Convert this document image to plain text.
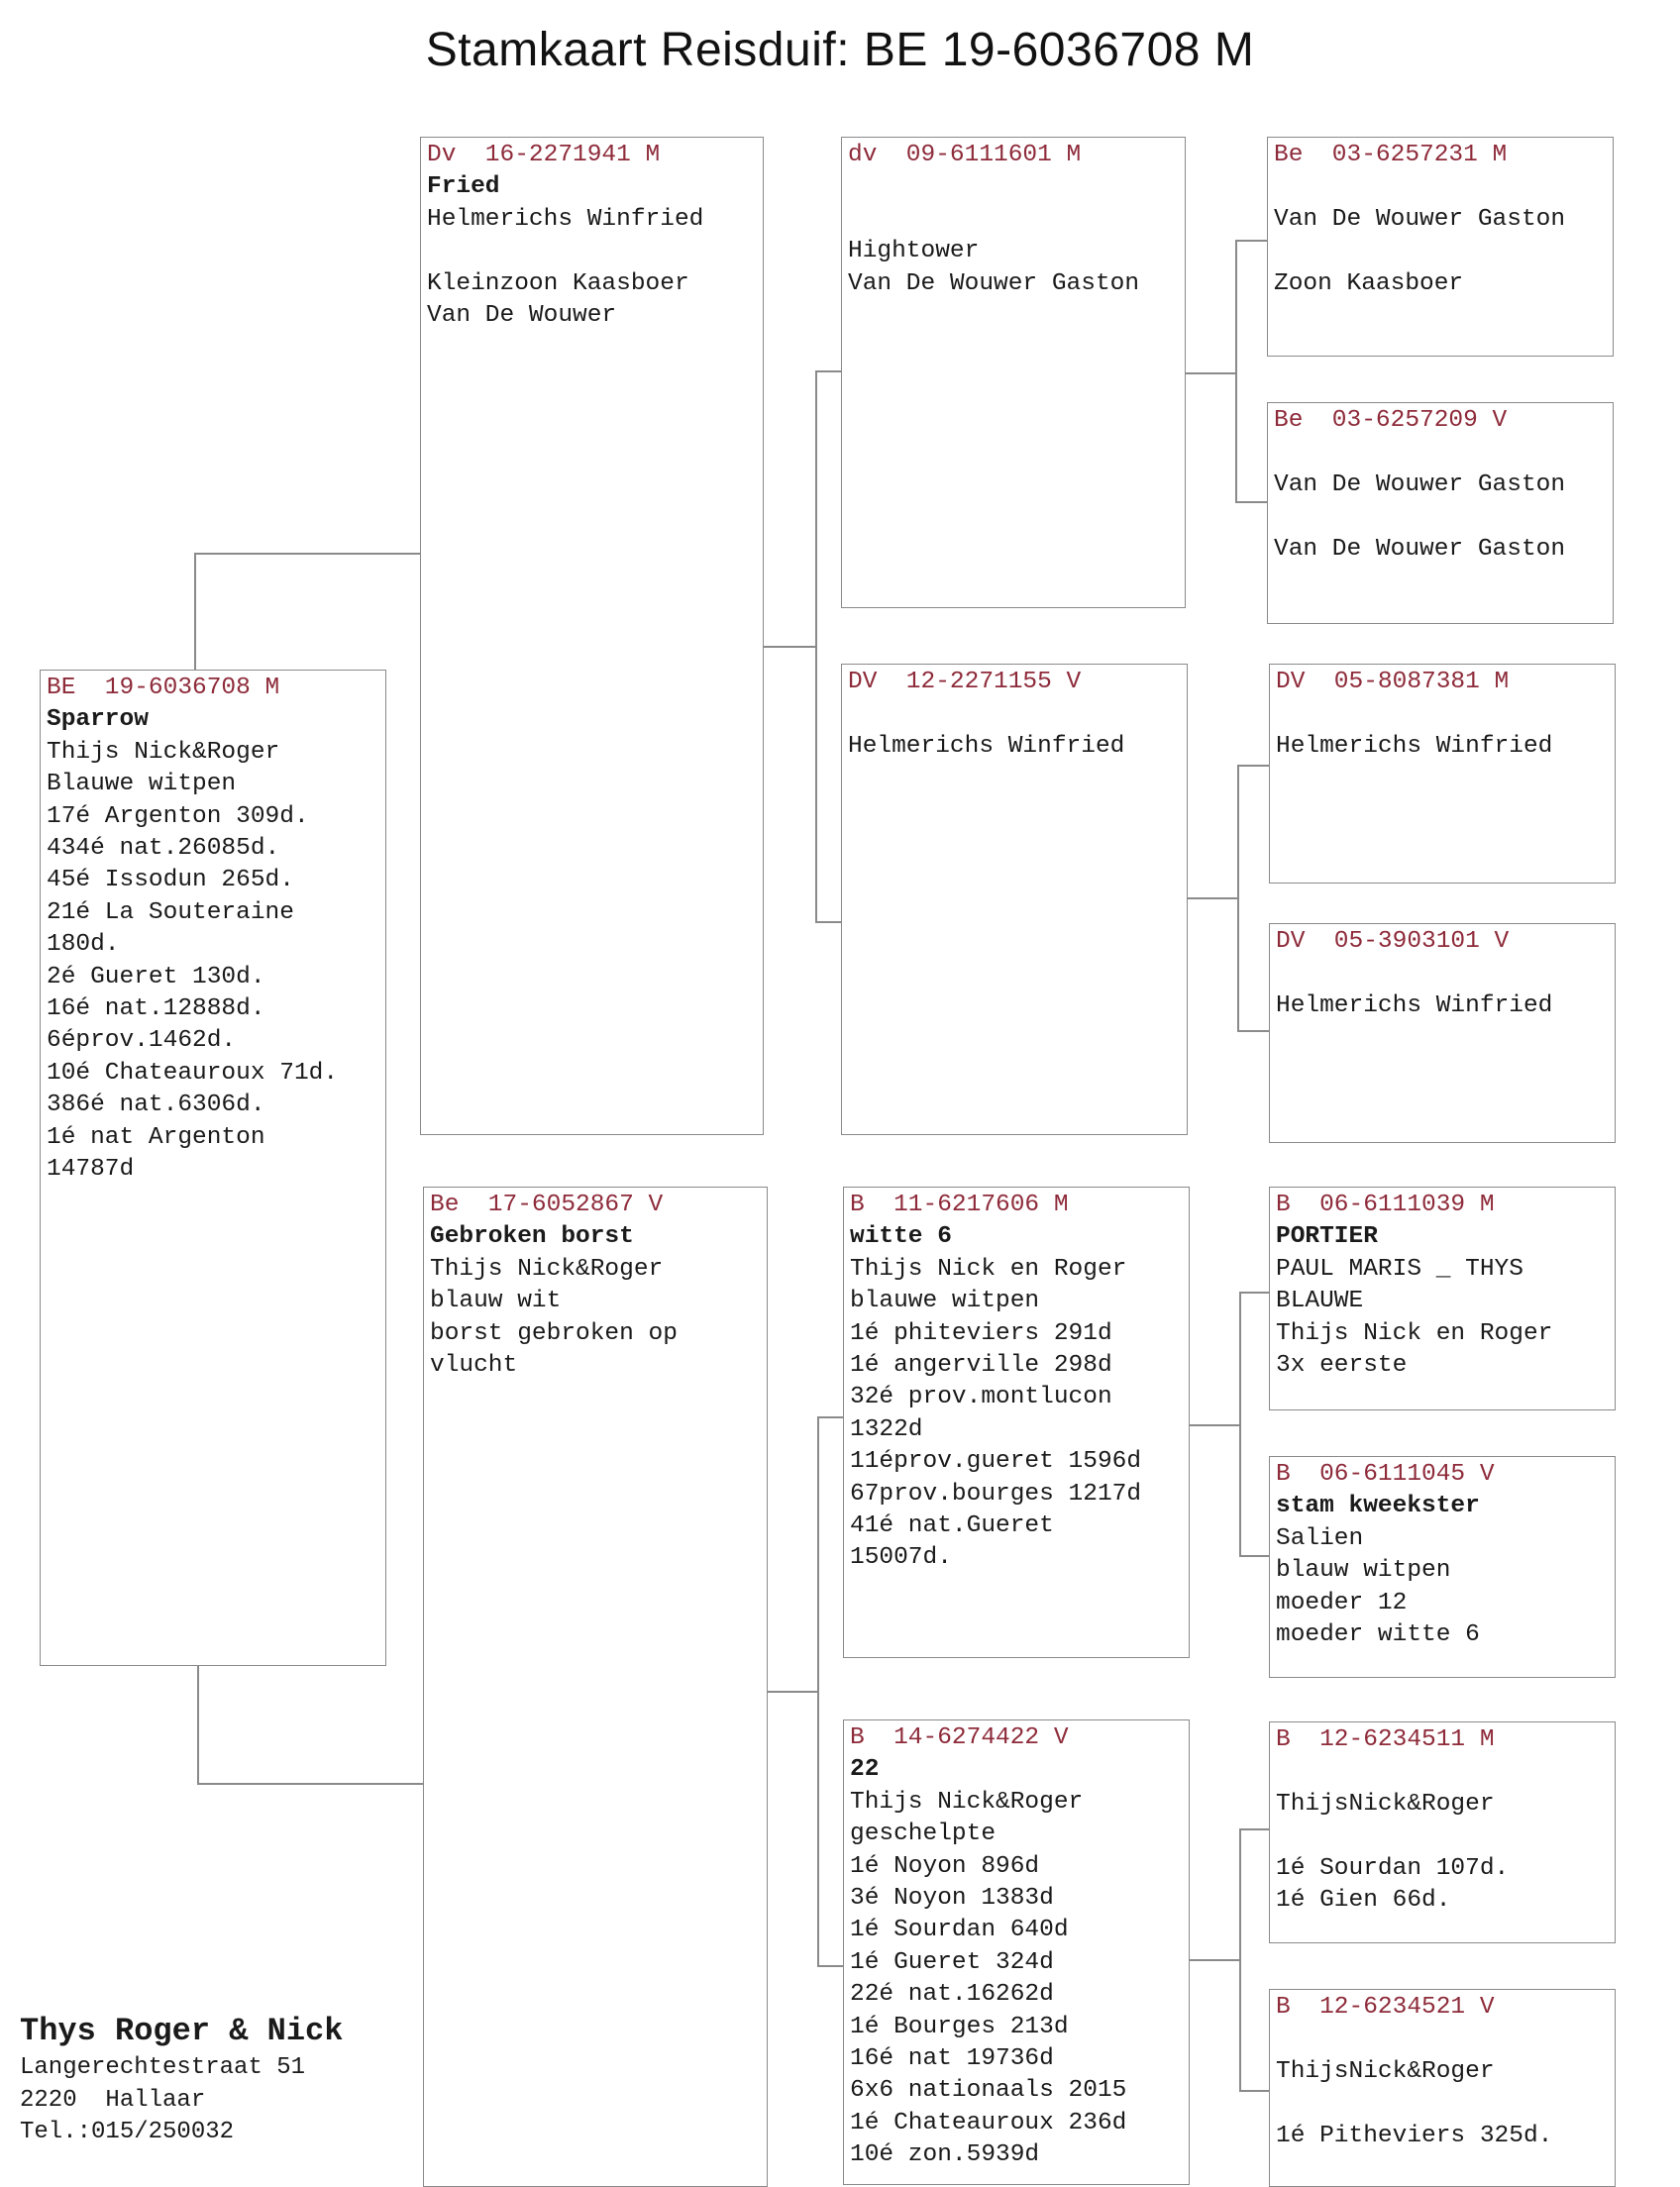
Stamkaart Reisduif: BE 19-6036708 M
BE  19-6036708 M
Sparrow
Thijs Nick&Roger
Blauwe witpen
17é Argenton 309d.
434é nat.26085d.
45é Issodun 265d.
21é La Souteraine
180d.
2é Gueret 130d.
16é nat.12888d.
6éprov.1462d.
10é Chateauroux 71d.
386é nat.6306d.
1é nat Argenton
14787d
Dv  16-2271941 M
Fried
Helmerichs Winfried
Kleinzoon Kaasboer
Van De Wouwer
Be  17-6052867 V
Gebroken borst
Thijs Nick&Roger
blauw wit
borst gebroken op
vlucht
dv  09-6111601 M
Hightower
Van De Wouwer Gaston
DV  12-2271155 V
Helmerichs Winfried
B  11-6217606 M
witte 6
Thijs Nick en Roger
blauwe witpen
1é phiteviers 291d
1é angerville 298d
32é prov.montlucon
1322d
11éprov.gueret 1596d
67prov.bourges 1217d
41é nat.Gueret
15007d.
B  14-6274422 V
22
Thijs Nick&Roger
geschelpte
1é Noyon 896d
3é Noyon 1383d
1é Sourdan 640d
1é Gueret 324d
22é nat.16262d
1é Bourges 213d
16é nat 19736d
6x6 nationaals 2015
1é Chateauroux 236d
10é zon.5939d
Be  03-6257231 M
Van De Wouwer Gaston
Zoon Kaasboer
Be  03-6257209 V
Van De Wouwer Gaston
Van De Wouwer Gaston
DV  05-8087381 M
Helmerichs Winfried
DV  05-3903101 V
Helmerichs Winfried
B  06-6111039 M
PORTIER
PAUL MARIS _ THYS
BLAUWE
Thijs Nick en Roger
3x eerste
B  06-6111045 V
stam kweekster
Salien
blauw witpen
moeder 12
moeder witte 6
B  12-6234511 M
ThijsNick&Roger
1é Sourdan 107d.
1é Gien 66d.
B  12-6234521 V
ThijsNick&Roger
1é Pitheviers 325d.
Thys Roger & Nick
Langerechtestraat 51
2220  Hallaar
Tel.:015/250032
